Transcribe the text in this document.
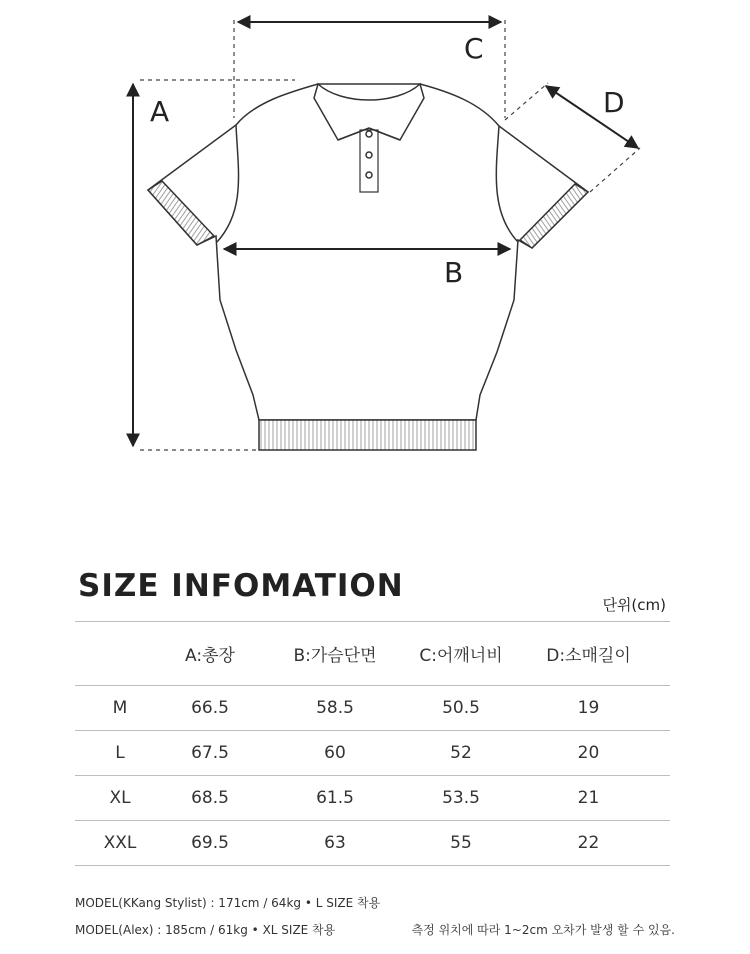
A
C
B
D
SIZE INFOMATION
단위(cm)
	A:총장	B:가슴단면	C:어깨너비	D:소매길이
M	66.5	58.5	50.5	19
L	67.5	60	52	20
XL	68.5	61.5	53.5	21
XXL	69.5	63	55	22
MODEL(KKang Stylist) : 171cm / 64kg • L SIZE 착용
MODEL(Alex) : 185cm / 61kg • XL SIZE 착용	측정 위치에 따라 1~2cm 오차가 발생 할 수 있음.
